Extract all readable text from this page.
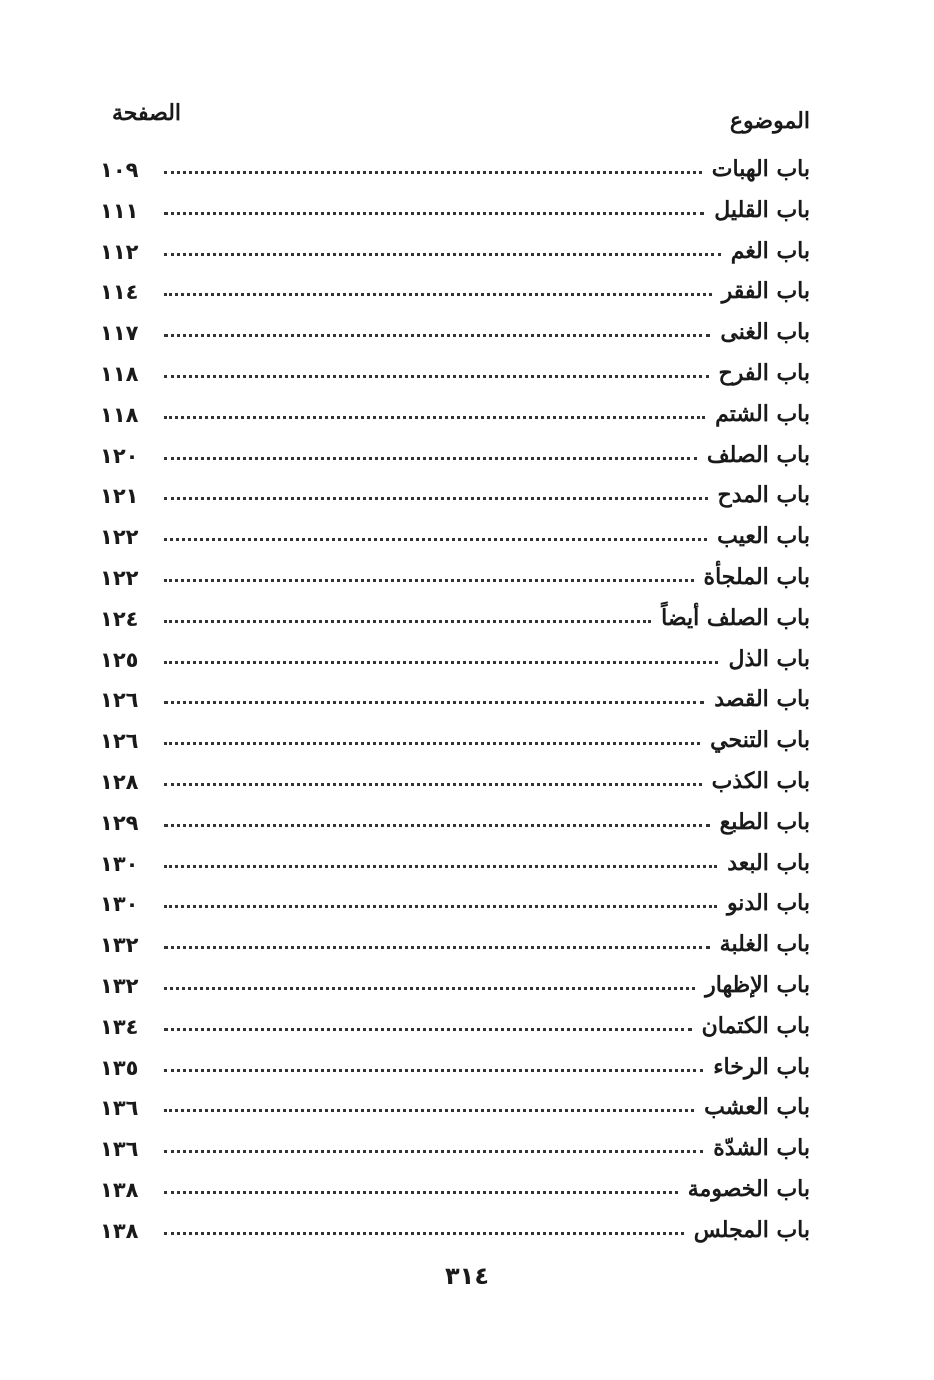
الموضوع
الصفحة
باب الهبات
١٠٩
باب القليل
١١١
باب الغم
١١٢
باب الفقر
١١٤
باب الغنى
١١٧
باب الفرح
١١٨
باب الشتم
١١٨
باب الصلف
١٢٠
باب المدح
١٢١
باب العيب
١٢٢
باب الملجأة
١٢٢
باب الصلف أيضاً
١٢٤
باب الذل
١٢٥
باب القصد
١٢٦
باب التنحي
١٢٦
باب الكذب
١٢٨
باب الطبع
١٢٩
باب البعد
١٣٠
باب الدنو
١٣٠
باب الغلبة
١٣٢
باب الإظهار
١٣٢
باب الكتمان
١٣٤
باب الرخاء
١٣٥
باب العشب
١٣٦
باب الشدّة
١٣٦
باب الخصومة
١٣٨
باب المجلس
١٣٨
٣١٤
